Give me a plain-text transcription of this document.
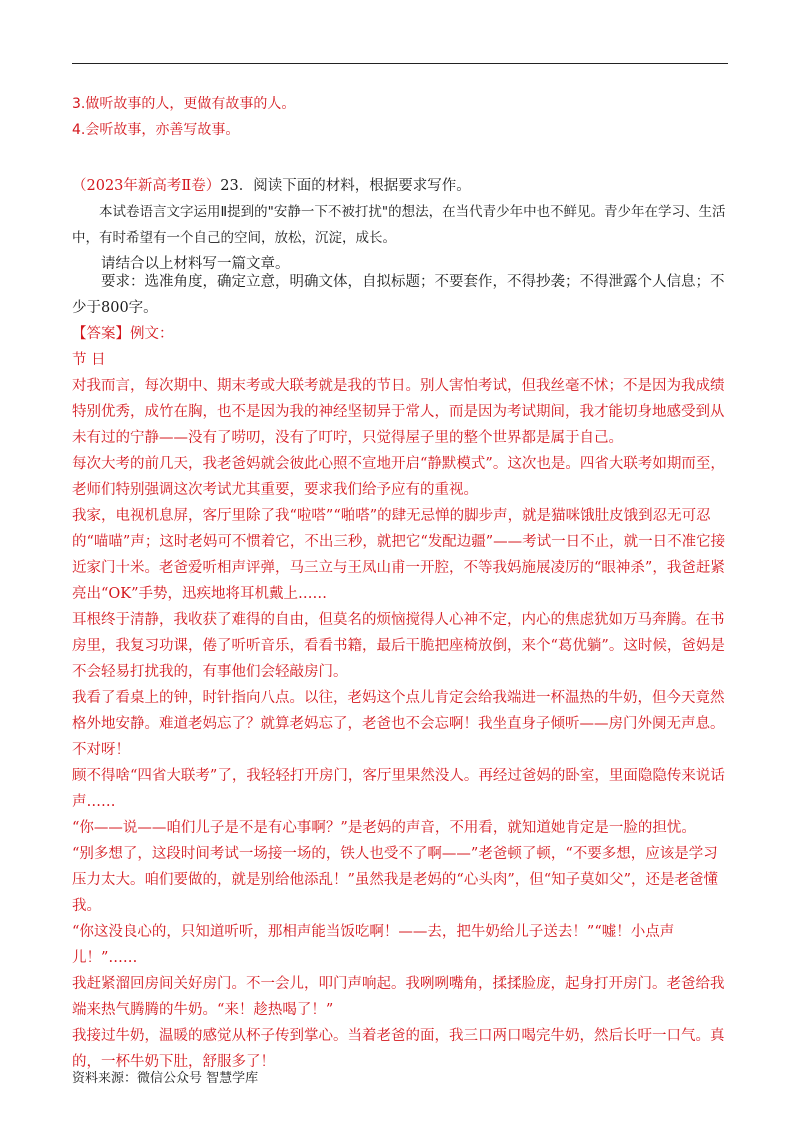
3.做听故事的人，更做有故事的人。
4.会听故事，亦善写故事。
（2023年新高考Ⅱ卷）23．阅读下面的材料，根据要求写作。
本试卷语言文字运用Ⅱ提到的"安静一下不被打扰"的想法，在当代青少年中也不鲜见。青少年在学习、生活中，有时希望有一个自己的空间，放松，沉淀，成长。
请结合以上材料写一篇文章。
要求：选准角度，确定立意，明确文体，自拟标题；不要套作，不得抄袭；不得泄露个人信息；不少于800字。
【答案】例文：
节 日

对我而言，每次期中、期末考或大联考就是我的节日。别人害怕考试，但我丝毫不怵；不是因为我成绩特别优秀，成竹在胸，也不是因为我的神经坚韧异于常人，而是因为考试期间，我才能切身地感受到从未有过的宁静——没有了唠叨，没有了叮咛，只觉得屋子里的整个世界都是属于自己。

每次大考的前几天，我老爸妈就会彼此心照不宣地开启“静默模式”。这次也是。四省大联考如期而至，老师们特别强调这次考试尤其重要，要求我们给予应有的重视。

我家，电视机息屏，客厅里除了我“啦嗒”“啪嗒”的肆无忌惮的脚步声，就是猫咪饿肚皮饿到忍无可忍的“喵喵”声；这时老妈可不惯着它，不出三秒，就把它“发配边疆”——考试一日不止，就一日不准它接近家门十米。老爸爱听相声评弹，马三立与王凤山甫一开腔，不等我妈施展凌厉的“眼神杀”，我爸赶紧亮出“OK”手势，迅疾地将耳机戴上……

耳根终于清静，我收获了难得的自由，但莫名的烦恼搅得人心神不定，内心的焦虑犹如万马奔腾。在书房里，我复习功课，倦了听听音乐，看看书籍，最后干脆把座椅放倒，来个“葛优躺”。这时候，爸妈是不会轻易打扰我的，有事他们会轻敲房门。

我看了看桌上的钟，时针指向八点。以往，老妈这个点儿肯定会给我端进一杯温热的牛奶，但今天竟然格外地安静。难道老妈忘了？就算老妈忘了，老爸也不会忘啊！我坐直身子倾听——房门外阒无声息。不对呀！

顾不得啥“四省大联考”了，我轻轻打开房门，客厅里果然没人。再经过爸妈的卧室，里面隐隐传来说话声……

“你——说——咱们儿子是不是有心事啊？”是老妈的声音，不用看，就知道她肯定是一脸的担忧。

“别多想了，这段时间考试一场接一场的，铁人也受不了啊——”老爸顿了顿，“不要多想，应该是学习压力太大。咱们要做的，就是别给他添乱！”虽然我是老妈的“心头肉”，但“知子莫如父”，还是老爸懂我。

“你这没良心的，只知道听听，那相声能当饭吃啊！——去，把牛奶给儿子送去！”“嘘！小点声儿！”……

我赶紧溜回房间关好房门。不一会儿，叩门声响起。我咧咧嘴角，揉揉脸庞，起身打开房门。老爸给我端来热气腾腾的牛奶。“来！趁热喝了！”

我接过牛奶，温暖的感觉从杯子传到掌心。当着老爸的面，我三口两口喝完牛奶，然后长吁一口气。真的，一杯牛奶下肚，舒服多了！

资料来源：微信公众号 智慧学库
